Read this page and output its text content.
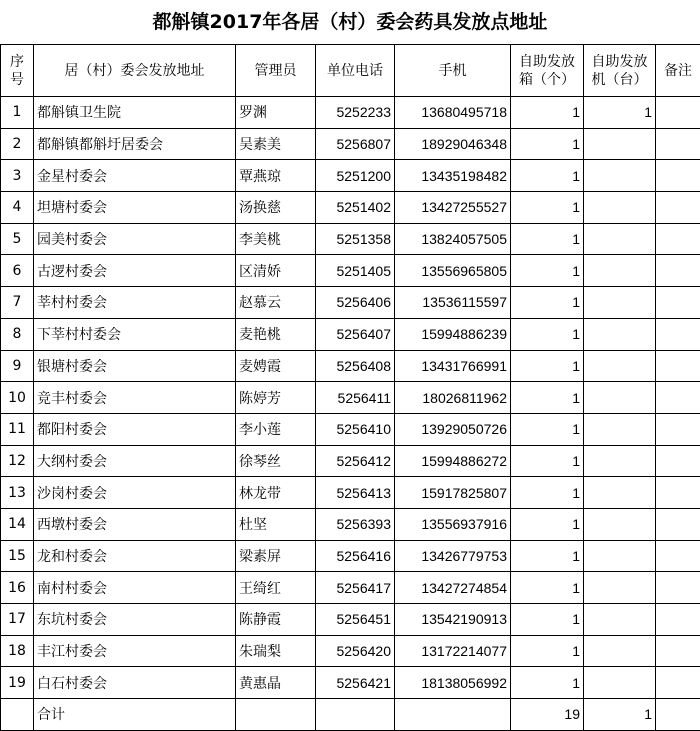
都斛镇2017年各居（村）委会药具发放点地址
序号	居（村）委会发放地址	管理员	单位电话	手机	自助发放箱（个）	自助发放机（台）	备注
1	都斛镇卫生院	罗渊	5252233	13680495718	1	1	
2	都斛镇都斛圩居委会	吴素美	5256807	18929046348	1		
3	金星村委会	覃燕琼	5251200	13435198482	1		
4	坦塘村委会	汤换慈	5251402	13427255527	1		
5	园美村委会	李美桃	5251358	13824057505	1		
6	古逻村委会	区清娇	5251405	13556965805	1		
7	莘村村委会	赵慕云	5256406	13536115597	1		
8	下莘村村委会	麦艳桃	5256407	15994886239	1		
9	银塘村委会	麦娉霞	5256408	13431766991	1		
10	竞丰村委会	陈婷芳	5256411	18026811962	1		
11	都阳村委会	李小莲	5256410	13929050726	1		
12	大纲村委会	徐琴丝	5256412	15994886272	1		
13	沙岗村委会	林龙带	5256413	15917825807	1		
14	西墩村委会	杜坚	5256393	13556937916	1		
15	龙和村委会	梁素屏	5256416	13426779753	1		
16	南村村委会	王绮红	5256417	13427274854	1		
17	东坑村委会	陈静霞	5256451	13542190913	1		
18	丰江村委会	朱瑞梨	5256420	13172214077	1		
19	白石村委会	黄惠晶	5256421	18138056992	1		
	合计				19	1	
